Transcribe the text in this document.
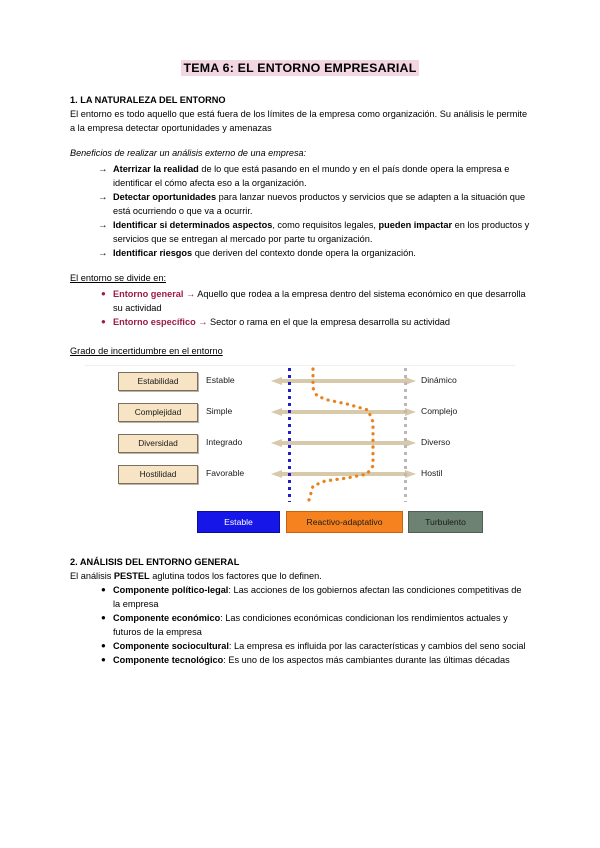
TEMA 6: EL ENTORNO EMPRESARIAL
1. LA NATURALEZA DEL ENTORNO

El entorno es todo aquello que está fuera de los límites de la empresa como organización. Su análisis le permite a la empresa detectar oportunidades y amenazas

Beneficios de realizar un análisis externo de una empresa:
→ Aterrizar la realidad de lo que está pasando en el mundo y en el país donde opera la empresa e identificar el cómo afecta eso a la organización.
→ Detectar oportunidades para lanzar nuevos productos y servicios que se adapten a la situación que está ocurriendo o que va a ocurrir.
→ Identificar si determinados aspectos, como requisitos legales, pueden impactar en los productos y servicios que se entregan al mercado por parte tu organización.
→ Identificar riesgos que deriven del contexto donde opera la organización.
El entorno se divide en:
● Entorno general → Aquello que rodea a la empresa dentro del sistema económico en que desarrolla su actividad
● Entorno específico → Sector o rama en el que la empresa desarrolla su actividad
Grado de incertidumbre en el entorno
Estabilidad
Complejidad
Diversidad
Hostilidad
Estable
Simple
Integrado
Favorable
Dinámico
Complejo
Diverso
Hostil
Estable	Reactivo-adaptativo	Turbulento
2. ANÁLISIS DEL ENTORNO GENERAL

El análisis PESTEL aglutina todos los factores que lo definen.

● Componente político-legal: Las acciones de los gobiernos afectan las condiciones competitivas de la empresa
● Componente económico: Las condiciones económicas condicionan los rendimientos actuales y futuros de la empresa
● Componente sociocultural: La empresa es influida por las características y cambios del seno social
● Componente tecnológico: Es uno de los aspectos más cambiantes durante las últimas décadas
